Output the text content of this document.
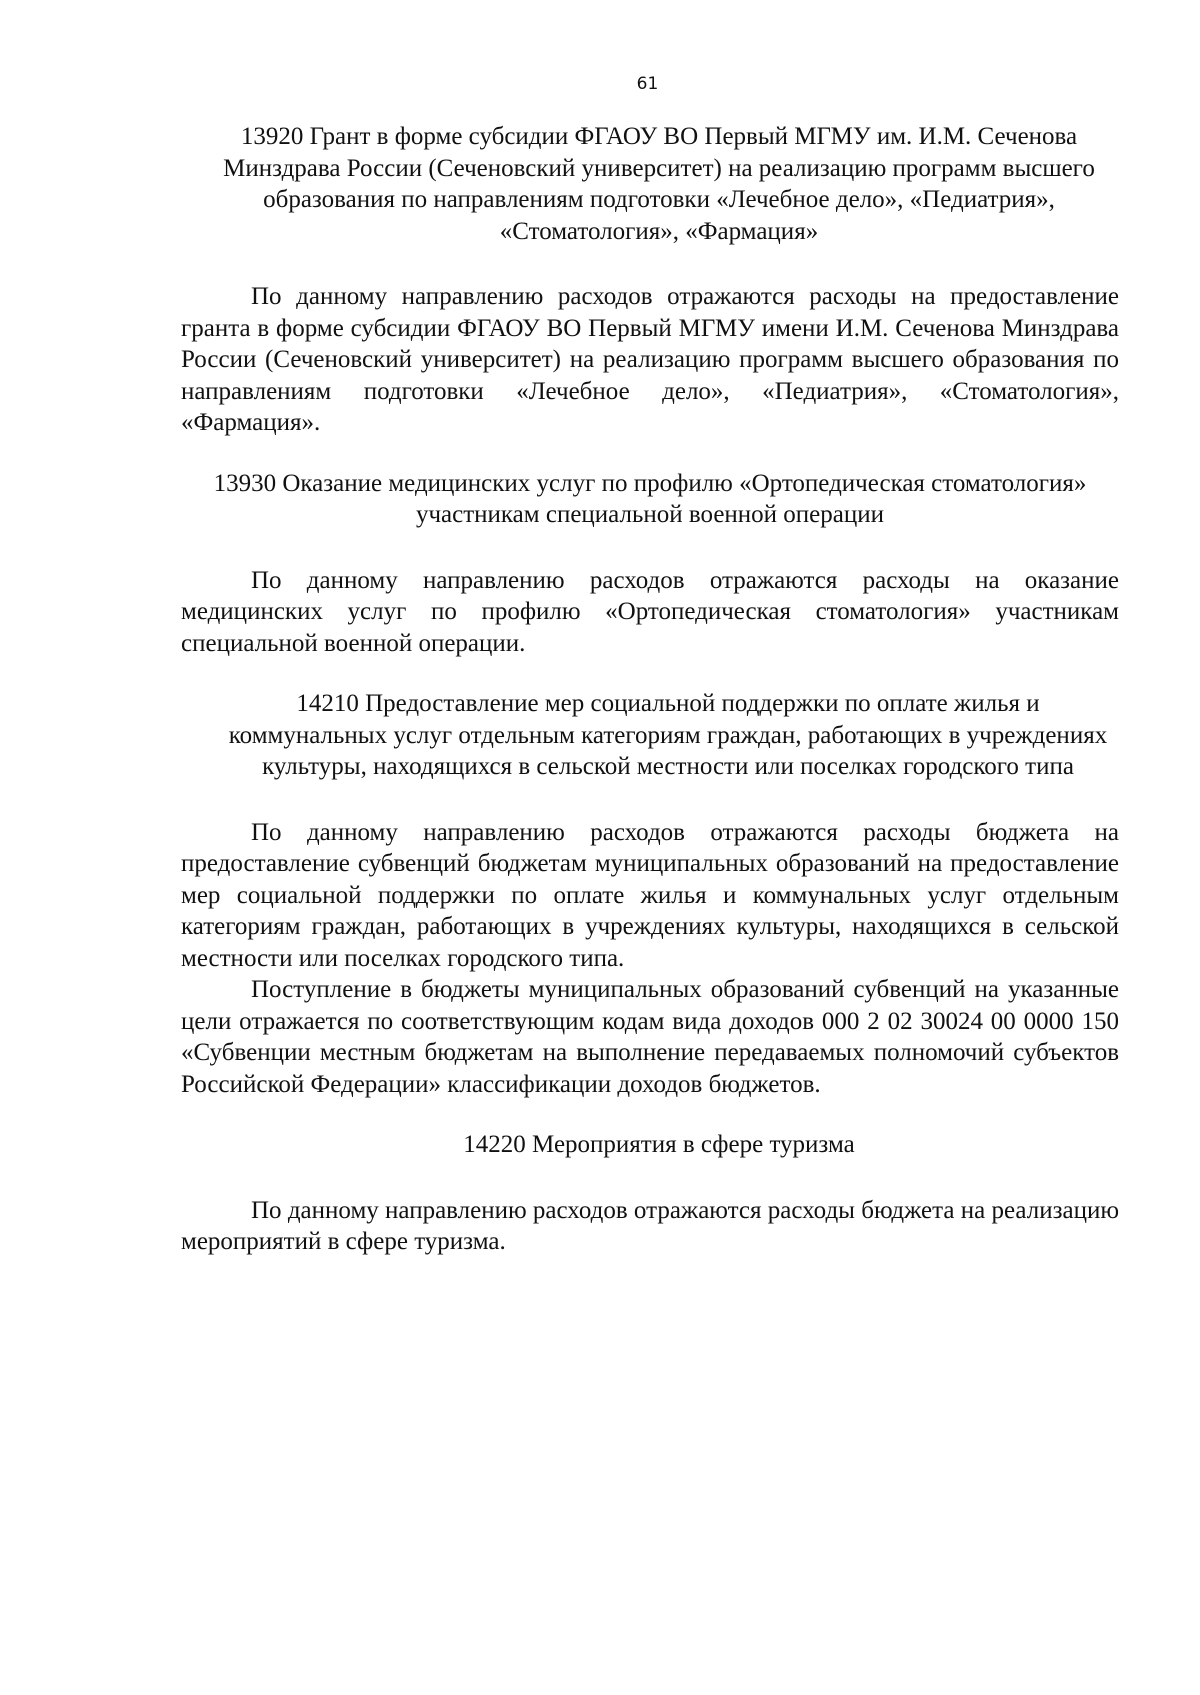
61

13920 Грант в форме субсидии ФГАОУ ВО Первый МГМУ им. И.М. Сеченова Минздрава России (Сеченовский университет) на реализацию программ высшего образования по направлениям подготовки «Лечебное дело», «Педиатрия», «Стоматология», «Фармация»

По данному направлению расходов отражаются расходы на предоставление гранта в форме субсидии ФГАОУ ВО Первый МГМУ имени И.М. Сеченова Минздрава России (Сеченовский университет) на реализацию программ высшего образования по направлениям подготовки «Лечебное дело», «Педиатрия», «Стоматология», «Фармация».

13930 Оказание медицинских услуг по профилю «Ортопедическая стоматология» участникам специальной военной операции

По данному направлению расходов отражаются расходы на оказание медицинских услуг по профилю «Ортопедическая стоматология» участникам специальной военной операции.

14210 Предоставление мер социальной поддержки по оплате жилья и коммунальных услуг отдельным категориям граждан, работающих в учреждениях культуры, находящихся в сельской местности или поселках городского типа

По данному направлению расходов отражаются расходы бюджета на предоставление субвенций бюджетам муниципальных образований на предоставление мер социальной поддержки по оплате жилья и коммунальных услуг отдельным категориям граждан, работающих в учреждениях культуры, находящихся в сельской местности или поселках городского типа.

Поступление в бюджеты муниципальных образований субвенций на указанные цели отражается по соответствующим кодам вида доходов 000 2 02 30024 00 0000 150 «Субвенции местным бюджетам на выполнение передаваемых полномочий субъектов Российской Федерации» классификации доходов бюджетов.

14220 Мероприятия в сфере туризма

По данному направлению расходов отражаются расходы бюджета на реализацию мероприятий в сфере туризма.
